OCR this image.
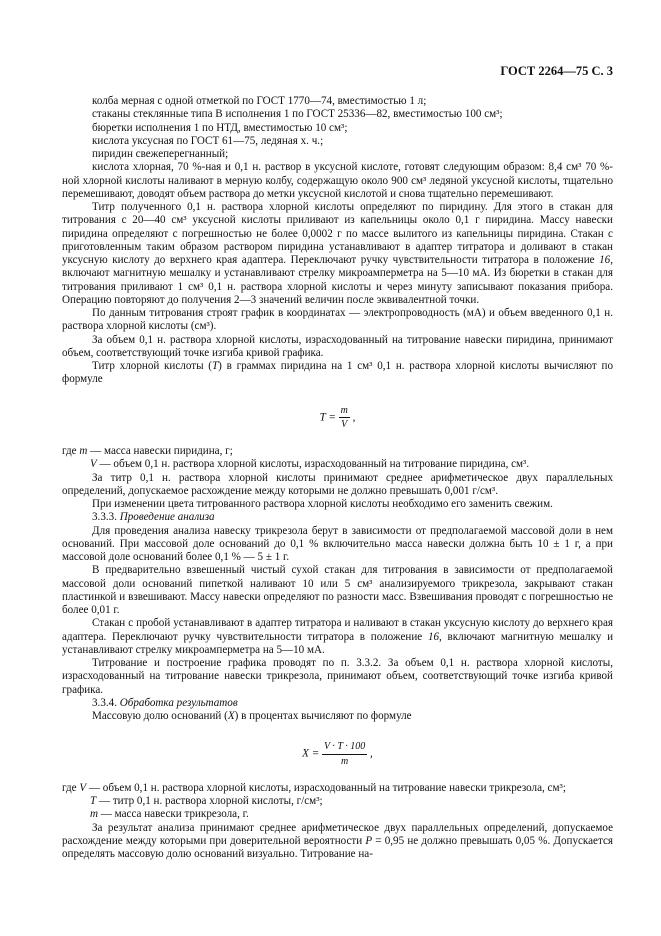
ГОСТ 2264—75 С. 3

колба мерная с одной отметкой по ГОСТ 1770—74, вместимостью 1 л;

стаканы стеклянные типа В исполнения 1 по ГОСТ 25336—82, вместимостью 100 см³;

бюретки исполнения 1 по НТД, вместимостью 10 см³;

кислота уксусная по ГОСТ 61—75, ледяная х. ч.;

пиридин свежеперегнанный;

кислота хлорная, 70 %-ная и 0,1 н. раствор в уксусной кислоте, готовят следующим образом: 8,4 см³ 70 %-ной хлорной кислоты наливают в мерную колбу, содержащую около 900 см³ ледяной уксусной кислоты, тщательно перемешивают, доводят объем раствора до метки уксусной кислотой и снова тщательно перемешивают.

Титр полученного 0,1 н. раствора хлорной кислоты определяют по пиридину. Для этого в стакан для титрования с 20—40 см³ уксусной кислоты приливают из капельницы около 0,1 г пиридина. Массу навески пиридина определяют с погрешностью не более 0,0002 г по массе вылитого из капельницы пиридина. Стакан с приготовленным таким образом раствором пиридина устанавливают в адаптер титратора и доливают в стакан уксусную кислоту до верхнего края адаптера. Переключают ручку чувствительности титратора в положение 16, включают магнитную мешалку и устанавливают стрелку микроамперметра на 5—10 мА. Из бюретки в стакан для титрования приливают 1 см³ 0,1 н. раствора хлорной кислоты и через минуту записывают показания прибора. Операцию повторяют до получения 2—3 значений величин после эквивалентной точки.

По данным титрования строят график в координатах — электропроводность (мА) и объем введенного 0,1 н. раствора хлорной кислоты (см³).

За объем 0,1 н. раствора хлорной кислоты, израсходованный на титрование навески пиридина, принимают объем, соответствующий точке изгиба кривой графика.

Титр хлорной кислоты (T) в граммах пиридина на 1 см³ 0,1 н. раствора хлорной кислоты вычисляют по формуле

$T = \frac{m}{V}$ ,

где m — масса навески пиридина, г;

V — объем 0,1 н. раствора хлорной кислоты, израсходованный на титрование пиридина, см³.

За титр 0,1 н. раствора хлорной кислоты принимают среднее арифметическое двух параллельных определений, допускаемое расхождение между которыми не должно превышать 0,001 г/см³.

При изменении цвета титрованного раствора хлорной кислоты необходимо его заменить свежим.

3.3.3. Проведение анализа

Для проведения анализа навеску трикрезола берут в зависимости от предполагаемой массовой доли в нем оснований. При массовой доле оснований до 0,1 % включительно масса навески должна быть 10 ± 1 г, а при массовой доле оснований более 0,1 % — 5 ± 1 г.

В предварительно взвешенный чистый сухой стакан для титрования в зависимости от предполагаемой массовой доли оснований пипеткой наливают 10 или 5 см³ анализируемого трикрезола, закрывают стакан пластинкой и взвешивают. Массу навески определяют по разности масс. Взвешивания проводят с погрешностью не более 0,01 г.

Стакан с пробой устанавливают в адаптер титратора и наливают в стакан уксусную кислоту до верхнего края адаптера. Переключают ручку чувствительности титратора в положение 16, включают магнитную мешалку и устанавливают стрелку микроамперметра на 5—10 мА.

Титрование и построение графика проводят по п. 3.3.2. За объем 0,1 н. раствора хлорной кислоты, израсходованный на титрование навески трикрезола, принимают объем, соответствующий точке изгиба кривой графика.

3.3.4. Обработка результатов

Массовую долю оснований (X) в процентах вычисляют по формуле

$X = \frac{V \cdot T \cdot 100}{m}$ ,

где V — объем 0,1 н. раствора хлорной кислоты, израсходованный на титрование навески трикрезола, см³;

T — титр 0,1 н. раствора хлорной кислоты, г/см³;

m — масса навески трикрезола, г.

За результат анализа принимают среднее арифметическое двух параллельных определений, допускаемое расхождение между которыми при доверительной вероятности P = 0,95 не должно превышать 0,05 %. Допускается определять массовую долю оснований визуально. Титрование на-
